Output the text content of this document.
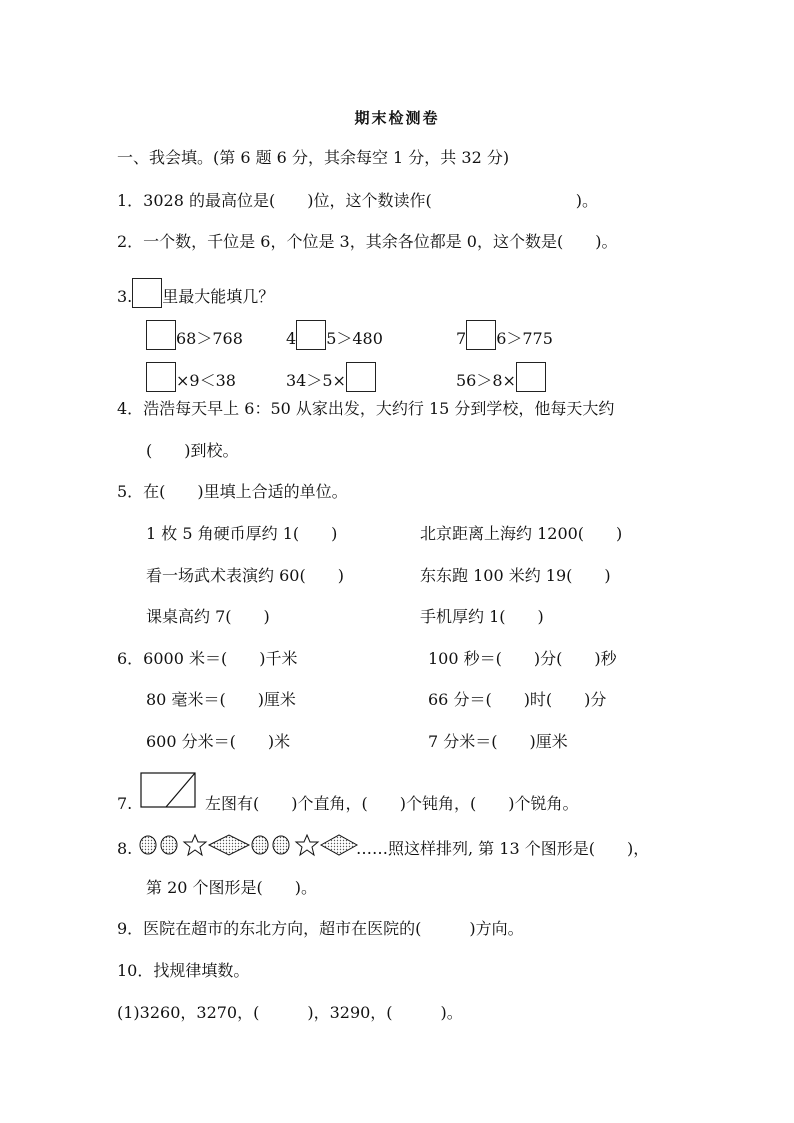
期末检测卷
一、我会填。(第 6 题 6 分，其余每空 1 分，共 32 分)
1．3028 的最高位是(　　)位，这个数读作(　　　　　　　　　)。
2．一个数，千位是 6，个位是 3，其余各位都是 0，这个数是(　　)。
3. 里最大能填几？
68＞768	4 5＞480	7 6＞775
×9＜38	34＞5×	56＞8×
4．浩浩每天早上 6：50 从家出发，大约行 15 分到学校，他每天大约
(　　)到校。
5．在(　　)里填上合适的单位。
1 枚 5 角硬币厚约 1(　　)	北京距离上海约 1200(　　)
看一场武术表演约 60(　　)	东东跑 100 米约 19(　　)
课桌高约 7(　　)	手机厚约 1(　　)
6．6000 米＝(　　)千米	100 秒＝(　　)分(　　)秒
80 毫米＝(　　)厘米	66 分＝(　　)时(　　)分
600 分米＝(　　)米	7 分米＝(　　)厘米
7.	左图有(　　)个直角，(　　)个钝角，(　　)个锐角。
8.	……照这样排列, 第 13 个图形是(　　)，
第 20 个图形是(　　)。
9．医院在超市的东北方向，超市在医院的(　　　)方向。
10．找规律填数。
(1)3260，3270，(　　　)，3290，(　　　)。
